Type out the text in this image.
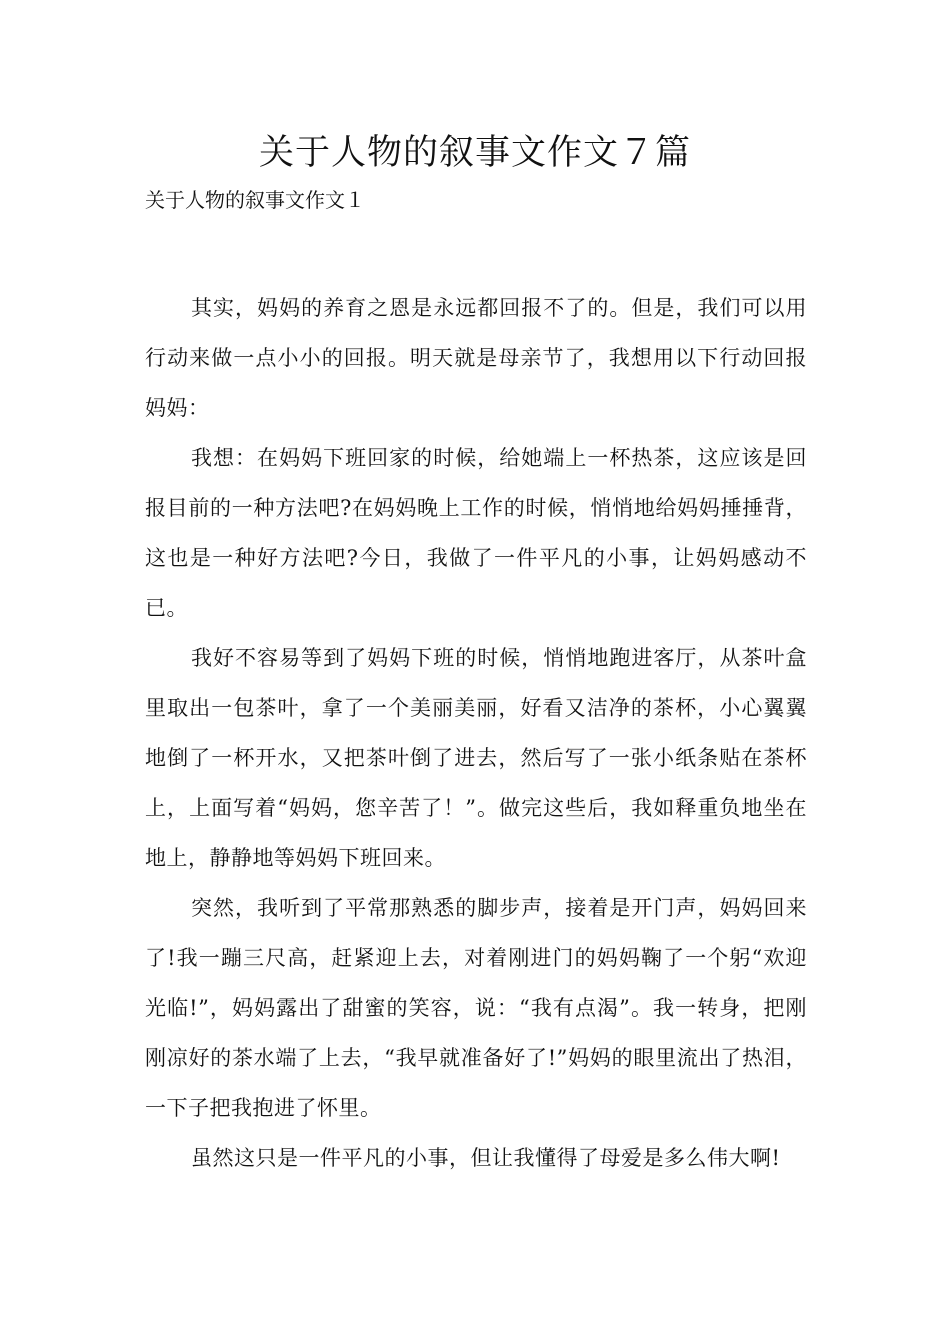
关于人物的叙事文作文７篇
关于人物的叙事文作文１

其实，妈妈的养育之恩是永远都回报不了的。但是，我们可以用行动来做一点小小的回报。明天就是母亲节了，我想用以下行动回报妈妈：

我想：在妈妈下班回家的时候，给她端上一杯热茶，这应该是回报目前的一种方法吧?在妈妈晚上工作的时候，悄悄地给妈妈捶捶背，这也是一种好方法吧?今日，我做了一件平凡的小事，让妈妈感动不已。

我好不容易等到了妈妈下班的时候，悄悄地跑进客厅，从茶叶盒里取出一包茶叶，拿了一个美丽美丽，好看又洁净的茶杯，小心翼翼地倒了一杯开水，又把茶叶倒了进去，然后写了一张小纸条贴在茶杯上，上面写着“妈妈，您辛苦了！”。做完这些后，我如释重负地坐在地上，静静地等妈妈下班回来。

突然，我听到了平常那熟悉的脚步声，接着是开门声，妈妈回来了!我一蹦三尺高，赶紧迎上去，对着刚进门的妈妈鞠了一个躬“欢迎光临!”，妈妈露出了甜蜜的笑容，说：“我有点渴”。我一转身，把刚刚凉好的茶水端了上去，“我早就准备好了!”妈妈的眼里流出了热泪，一下子把我抱进了怀里。

虽然这只是一件平凡的小事，但让我懂得了母爱是多么伟大啊!
